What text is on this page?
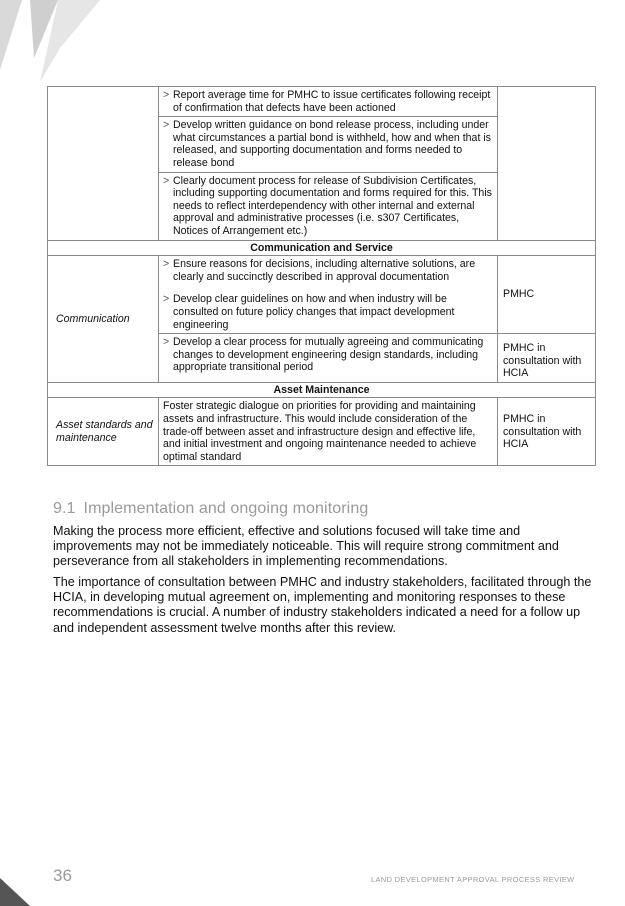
	> Report average time for PMHC to issue certificates following receipt of confirmation that defects have been actioned	

	> Develop written guidance on bond release process, including under what circumstances a partial bond is withheld, how and when that is released, and supporting documentation and forms needed to release bond	

	> Clearly document process for release of Subdivision Certificates, including supporting documentation and forms required for this. This needs to reflect interdependency with other internal and external approval and administrative processes (i.e. s307 Certificates, Notices of Arrangement etc.)	

Communication and Service		
Communication	> Ensure reasons for decisions, including alternative solutions, are clearly and succinctly described in approval documentation
> Develop clear guidelines on how and when industry will be consulted on future policy changes that impact development engineering	PMHC

	> Develop a clear process for mutually agreeing and communicating changes to development engineering design standards, including appropriate transitional period	PMHC in consultation with HCIA
Asset Maintenance		
Asset standards and maintenance	Foster strategic dialogue on priorities for providing and maintaining assets and infrastructure. This would include consideration of the trade-off between asset and infrastructure design and effective life, and initial investment and ongoing maintenance needed to achieve optimal standard	PMHC in consultation with HCIA
9.1 Implementation and ongoing monitoring

Making the process more efficient, effective and solutions focused will take time and improvements may not be immediately noticeable. This will require strong commitment and perseverance from all stakeholders in implementing recommendations.

The importance of consultation between PMHC and industry stakeholders, facilitated through the HCIA, in developing mutual agreement on, implementing and monitoring responses to these recommendations is crucial. A number of industry stakeholders indicated a need for a follow up and independent assessment twelve months after this review.

36	LAND DEVELOPMENT APPROVAL PROCESS REVIEW
